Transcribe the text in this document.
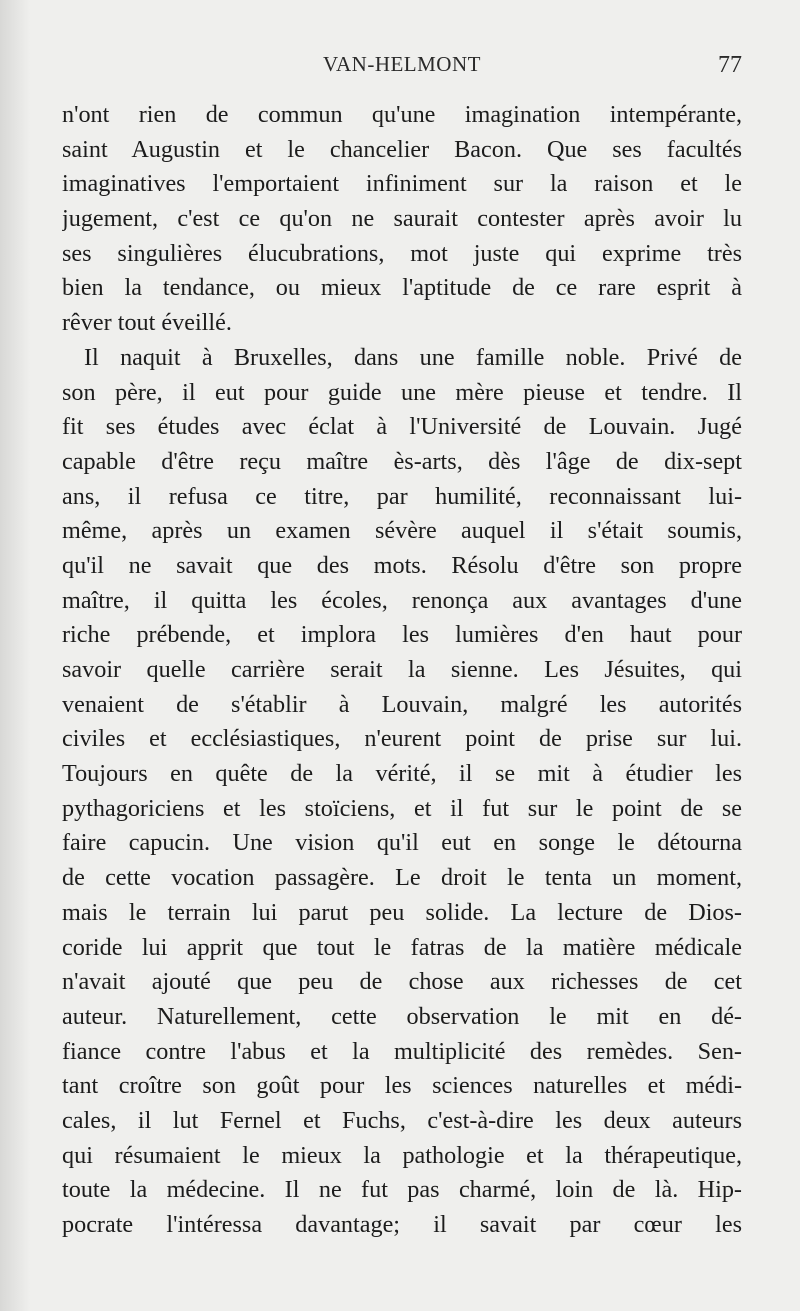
VAN-HELMONT	77
n'ont rien de commun qu'une imagination intempérante,
saint Augustin et le chancelier Bacon. Que ses facultés
imaginatives l'emportaient infiniment sur la raison et le
jugement, c'est ce qu'on ne saurait contester après avoir lu
ses singulières élucubrations, mot juste qui exprime très
bien la tendance, ou mieux l'aptitude de ce rare esprit à
rêver tout éveillé.
Il naquit à Bruxelles, dans une famille noble. Privé de
son père, il eut pour guide une mère pieuse et tendre. Il
fit ses études avec éclat à l'Université de Louvain. Jugé
capable d'être reçu maître ès-arts, dès l'âge de dix-sept
ans, il refusa ce titre, par humilité, reconnaissant lui-
même, après un examen sévère auquel il s'était soumis,
qu'il ne savait que des mots. Résolu d'être son propre
maître, il quitta les écoles, renonça aux avantages d'une
riche prébende, et implora les lumières d'en haut pour
savoir quelle carrière serait la sienne. Les Jésuites, qui
venaient de s'établir à Louvain, malgré les autorités
civiles et ecclésiastiques, n'eurent point de prise sur lui.
Toujours en quête de la vérité, il se mit à étudier les
pythagoriciens et les stoïciens, et il fut sur le point de se
faire capucin. Une vision qu'il eut en songe le détourna
de cette vocation passagère. Le droit le tenta un moment,
mais le terrain lui parut peu solide. La lecture de Dios-
coride lui apprit que tout le fatras de la matière médicale
n'avait ajouté que peu de chose aux richesses de cet
auteur. Naturellement, cette observation le mit en dé-
fiance contre l'abus et la multiplicité des remèdes. Sen-
tant croître son goût pour les sciences naturelles et médi-
cales, il lut Fernel et Fuchs, c'est-à-dire les deux auteurs
qui résumaient le mieux la pathologie et la thérapeutique,
toute la médecine. Il ne fut pas charmé, loin de là. Hip-
pocrate l'intéressa davantage; il savait par cœur les
